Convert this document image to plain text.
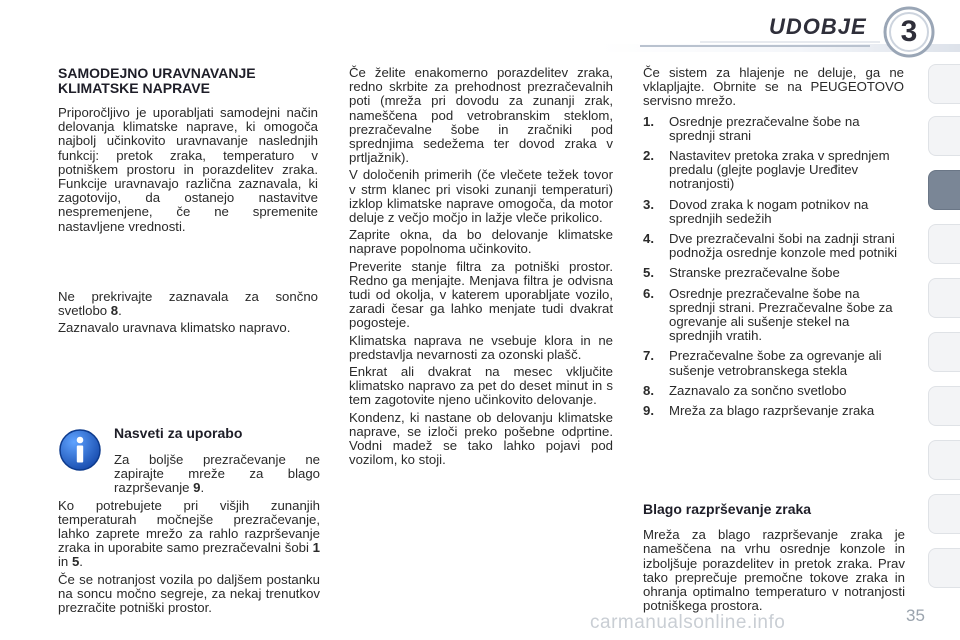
UDOBJE	3
SAMODEJNO URAVNAVANJE KLIMATSKE NAPRAVE

Priporočljivo je uporabljati samodejni način delovanja klimatske naprave, ki omogoča najbolj učinkovito uravnavanje naslednjih funkcij: pretok zraka, temperaturo v potniškem prostoru in porazdelitev zraka. Funkcije uravnavajo različna zaznavala, ki zagotovijo, da ostanejo nastavitve nespremenjene, če ne spremenite nastavljene vrednosti.

Ne prekrivajte zaznavala za sončno svetlobo 8.

Zaznavalo uravnava klimatsko napravo.

Nasveti za uporabo

Za boljše prezračevanje ne zapirajte mreže za blago razprševanje 9.

Ko potrebujete pri višjih zunanjih temperaturah močnejše prezračevanje, lahko zaprete mrežo za rahlo razprševanje zraka in uporabite samo prezračevalni šobi 1 in 5.

Če se notranjost vozila po daljšem postanku na soncu močno segreje, za nekaj trenutkov prezračite potniški prostor.

Če želite enakomerno porazdelitev zraka, redno skrbite za prehodnost prezračevalnih poti (mreža pri dovodu za zunanji zrak, nameščena pod vetrobranskim steklom, prezračevalne šobe in zračniki pod sprednjima sedežema ter dovod zraka v prtljažnik).

V določenih primerih (če vlečete težek tovor v strm klanec pri visoki zunanji temperaturi) izklop klimatske naprave omogoča, da motor deluje z večjo močjo in lažje vleče prikolico.

Zaprite okna, da bo delovanje klimatske naprave popolnoma učinkovito.

Preverite stanje filtra za potniški prostor. Redno ga menjajte. Menjava filtra je odvisna tudi od okolja, v katerem uporabljate vozilo, zaradi česar ga lahko menjate tudi dvakrat pogosteje.

Klimatska naprava ne vsebuje klora in ne predstavlja nevarnosti za ozonski plašč.

Enkrat ali dvakrat na mesec vključite klimatsko napravo za pet do deset minut in s tem zagotovite njeno učinkovito delovanje.

Kondenz, ki nastane ob delovanju klimatske naprave, se izloči preko pošebne odprtine. Vodni madež se tako lahko pojavi pod vozilom, ko stoji.

Če sistem za hlajenje ne deluje, ga ne vklapljajte. Obrnite se na PEUGEOTOVO servisno mrežo.

1.	Osrednje prezračevalne šobe na sprednji strani
2.	Nastavitev pretoka zraka v sprednjem predalu (glejte poglavje Uređitev notranjosti)
3.	Dovod zraka k nogam potnikov na sprednjih sedežih
4.	Dve prezračevalni šobi na zadnji strani podnožja osrednje konzole med potniki
5.	Stranske prezračevalne šobe
6.	Osrednje prezračevalne šobe na sprednji strani. Prezračevalne šobe za ogrevanje ali sušenje stekel na sprednjih vratih.
7.	Prezračevalne šobe za ogrevanje ali sušenje vetrobranskega stekla
8.	Zaznavalo za sončno svetlobo
9.	Mreža za blago razprševanje zraka
Blago razprševanje zraka

Mreža za blago razprševanje zraka je nameščena na vrhu osrednje konzole in izboljšuje porazdelitev in pretok zraka. Prav tako preprečuje premočne tokove zraka in ohranja optimalno temperaturo v notranjosti potniškega prostora.

carmanualsonline.info	35
